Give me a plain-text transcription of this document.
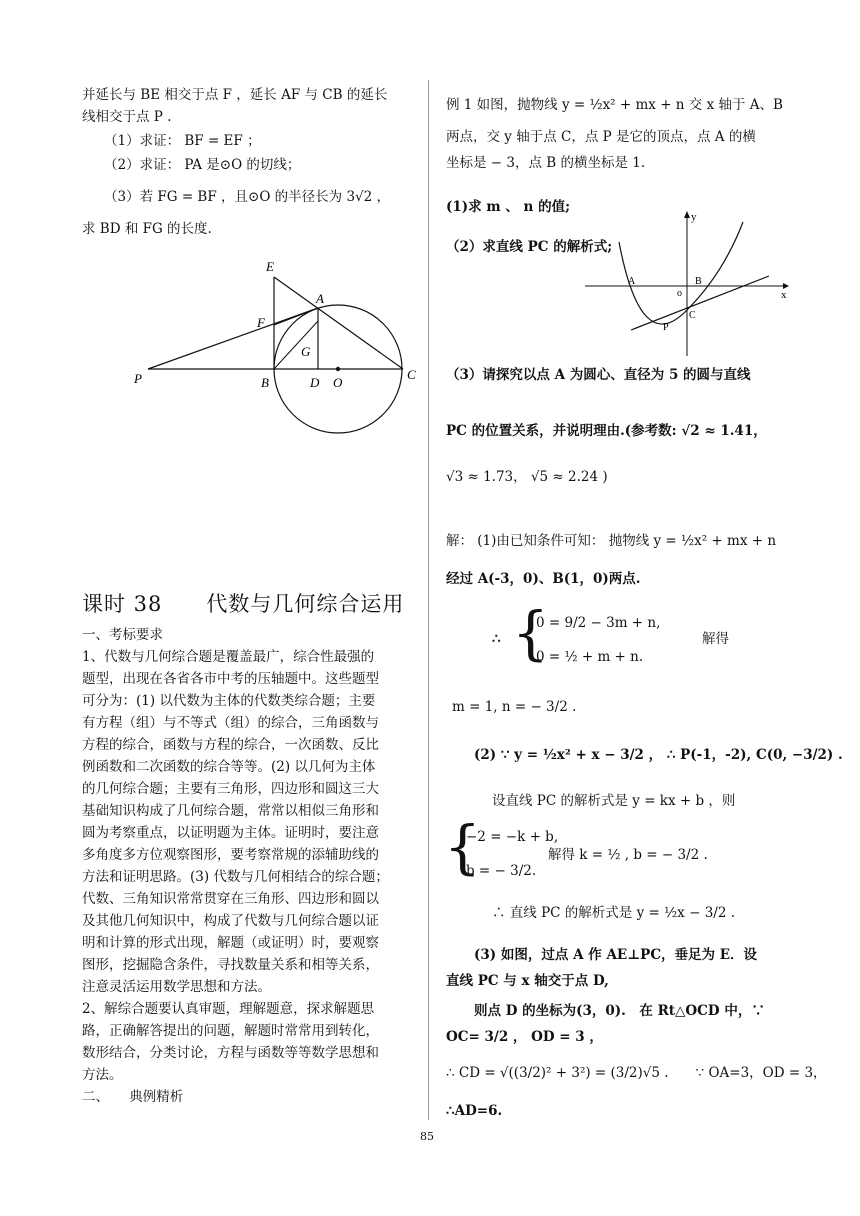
并延长与 BE 相交于点 F ，延长 AF 与 CB 的延长
线相交于点 P .
（1）求证： BF = EF ；
（2）求证： PA 是⊙O 的切线；
（3）若 FG = BF ，且⊙O 的半径长为 3√2 ，
求 BD 和 FG 的长度.
E
A
F
G
P	B	D O
C
课时 38　　代数与几何综合运用
一、考标要求
1、代数与几何综合题是覆盖最广，综合性最强的
题型，出现在各省各市中考的压轴题中。这些题型
可分为：(1) 以代数为主体的代数类综合题；主要
有方程（组）与不等式（组）的综合，三角函数与
方程的综合，函数与方程的综合，一次函数、反比
例函数和二次函数的综合等等。(2) 以几何为主体
的几何综合题；主要有三角形，四边形和圆这三大
基础知识构成了几何综合题，常常以相似三角形和
圆为考察重点，以证明题为主体。证明时，要注意
多角度多方位观察图形，要考察常规的添辅助线的
方法和证明思路。(3) 代数与几何相结合的综合题；
代数、三角知识常常贯穿在三角形、四边形和圆以
及其他几何知识中，构成了代数与几何综合题以证
明和计算的形式出现，解题（或证明）时，要观察
图形，挖掘隐含条件，寻找数量关系和相等关系，
注意灵活运用数学思想和方法。
2、解综合题要认真审题，理解题意，探求解题思
路，正确解答提出的问题，解题时常常用到转化，
数形结合，分类讨论，方程与函数等等数学思想和
方法。
二、　　典例精析
例 1 如图，抛物线 y = ½x² + mx + n 交 x 轴于 A、B
两点，交 y 轴于点 C，点 P 是它的顶点，点 A 的横
坐标是 − 3，点 B 的横坐标是 1.
(1)求 m 、 n 的值;
（2）求直线 PC 的解析式;
y
x
A	B
o
P
C
（3）请探究以点 A 为圆心、直径为 5 的圆与直线
PC 的位置关系，并说明理由.(参考数: √2 ≈ 1.41，
√3 ≈ 1.73， √5 ≈ 2.24 )
解： (1)由已知条件可知： 抛物线 y = ½x² + mx + n
经过 A(-3，0)、B(1，0)两点.
∴ {
0 = 9/2 − 3m + n,
0 = ½ + m + n.
解得
m = 1, n = − 3/2 .
(2) ∵ y = ½x² + x − 3/2 ， ∴ P(-1，-2), C(0, −3/2) .
设直线 PC 的解析式是 y = kx + b ，则
{
−2 = −k + b,
b = − 3/2.
解得 k = ½ , b = − 3/2 .
∴ 直线 PC 的解析式是 y = ½x − 3/2 .
(3) 如图，过点 A 作 AE⊥PC，垂足为 E．设
直线 PC 与 x 轴交于点 D,
则点 D 的坐标为(3，0).　在 Rt△OCD 中，∵
OC= 3/2 ， OD = 3 ，
∴ CD = √((3/2)² + 3²) = (3/2)√5 .　　∵ OA=3，OD = 3，
∴AD=6.
85
